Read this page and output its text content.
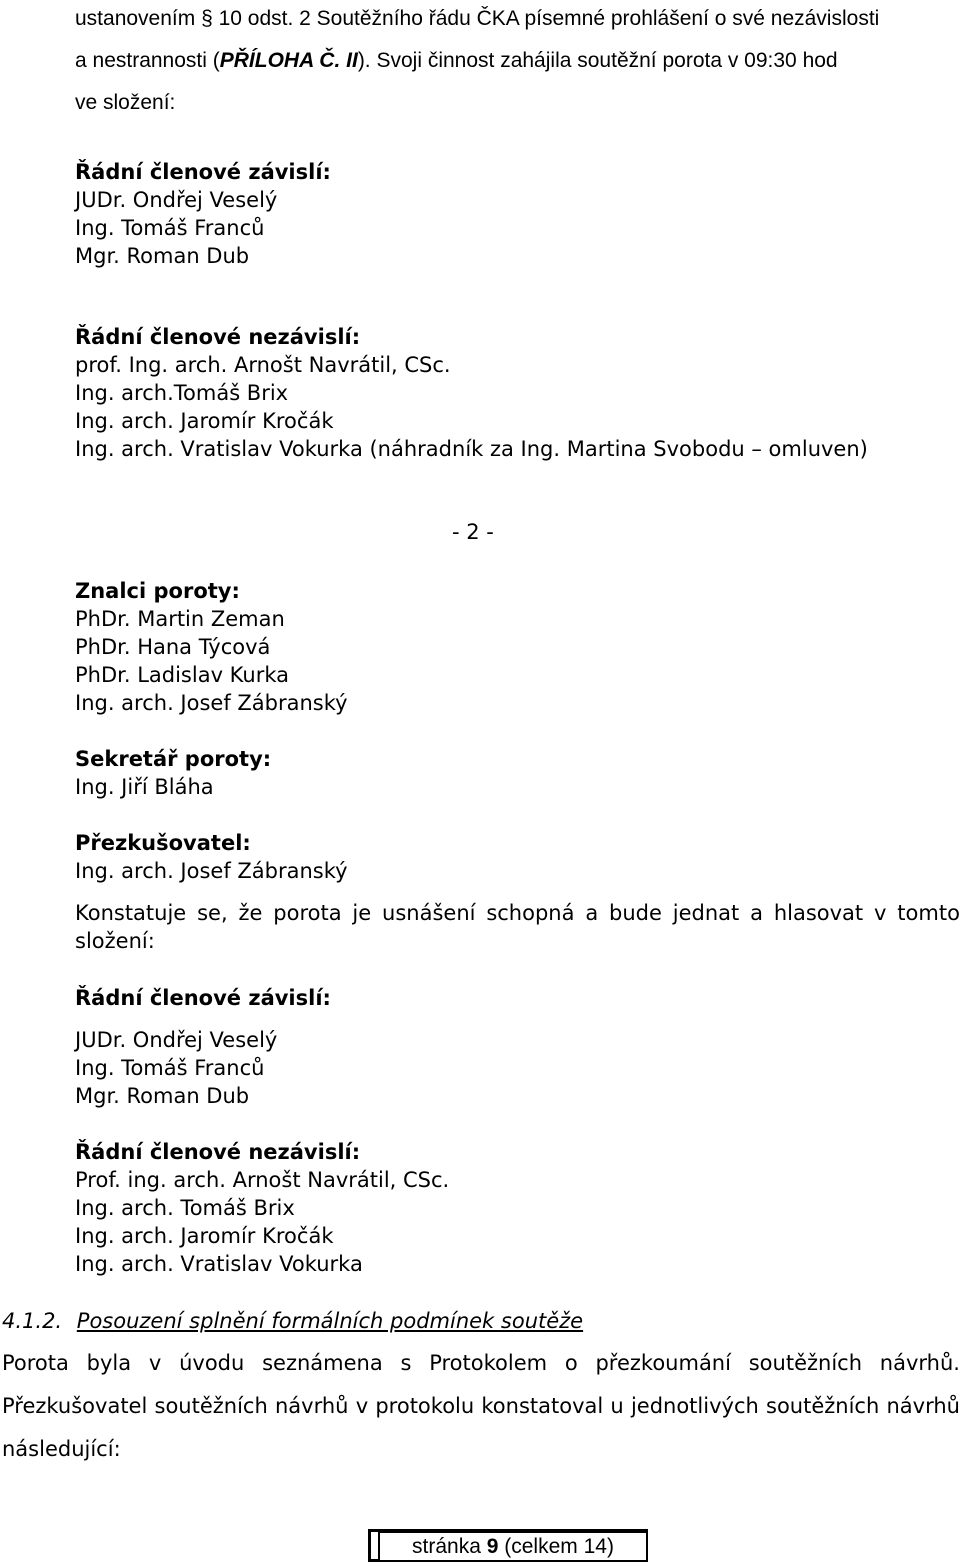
ustanovením § 10 odst. 2 Soutěžního řádu ČKA písemné prohlášení o své nezávislosti
a nestrannosti (PŘÍLOHA Č. II). Svoji činnost zahájila soutěžní porota v 09:30 hod
ve složení:
Řádní členové závislí:
JUDr. Ondřej Veselý
Ing. Tomáš Franců
Mgr. Roman Dub
Řádní členové nezávislí:
prof. Ing. arch. Arnošt Navrátil, CSc.
Ing. arch.Tomáš Brix
Ing. arch. Jaromír Kročák
Ing. arch. Vratislav Vokurka (náhradník za Ing. Martina Svobodu – omluven)
- 2 -
Znalci poroty:
PhDr. Martin Zeman
PhDr. Hana Týcová
PhDr. Ladislav Kurka
Ing. arch. Josef Zábranský
Sekretář poroty:
Ing. Jiří Bláha
Přezkušovatel:
Ing. arch. Josef Zábranský
Konstatuje se, že porota je usnášení schopná a bude jednat a hlasovat v tomto
složení:
Řádní členové závislí:
JUDr. Ondřej Veselý
Ing. Tomáš Franců
Mgr. Roman Dub
Řádní členové nezávislí:
Prof. ing. arch. Arnošt Navrátil, CSc.
Ing. arch. Tomáš Brix
Ing. arch. Jaromír Kročák
Ing. arch. Vratislav Vokurka
4.1.2. Posouzení splnění formálních podmínek soutěže
Porota byla v úvodu seznámena s Protokolem o přezkoumání soutěžních návrhů.
Přezkušovatel soutěžních návrhů v protokolu konstatoval u jednotlivých soutěžních návrhů
následující:
stránka 9 (celkem 14)
